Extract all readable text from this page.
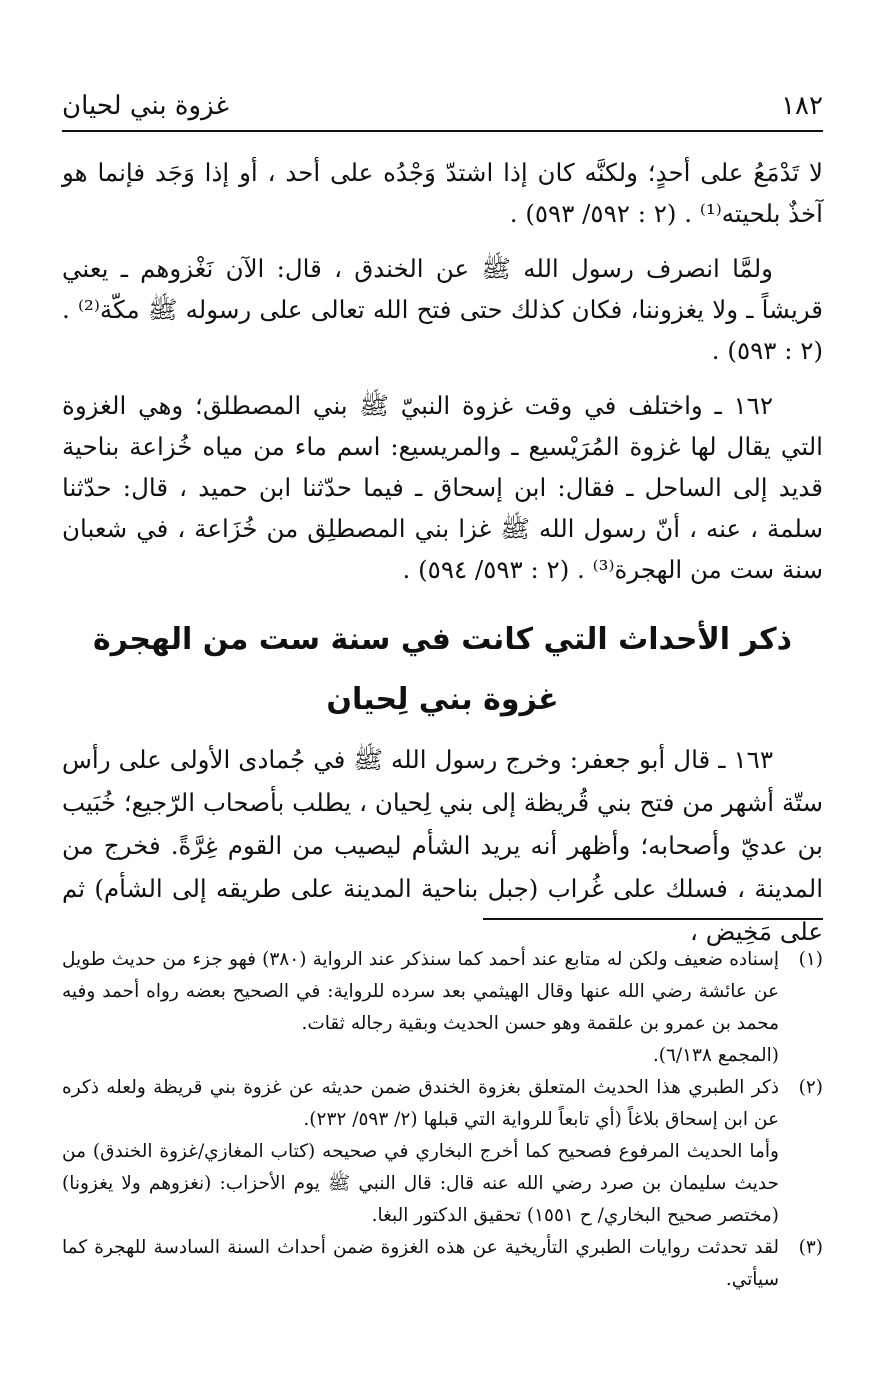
١٨٢
غزوة بني لحيان

لا تَدْمَعُ على أحدٍ؛ ولكنَّه كان إذا اشتدّ وَجْدُه على أحد ، أو إذا وَجَد فإنما هو آخذٌ بلحيته⁽¹⁾ . (٢ : ٥٩٢/ ٥٩٣) .

ولمَّا انصرف رسول الله ﷺ عن الخندق ، قال: الآن نَغْزوهم ـ يعني قريشاً ـ ولا يغزوننا، فكان كذلك حتى فتح الله تعالى على رسوله ﷺ مكّة⁽²⁾ . (٢ : ٥٩٣) .

١٦٢ ـ واختلف في وقت غزوة النبيّ ﷺ بني المصطلق؛ وهي الغزوة التي يقال لها غزوة المُرَيْسيع ـ والمريسيع: اسم ماء من مياه خُزاعة بناحية قديد إلى الساحل ـ فقال: ابن إسحاق ـ فيما حدّثنا ابن حميد ، قال: حدّثنا سلمة ، عنه ، أنّ رسول الله ﷺ غزا بني المصطلِق من خُزَاعة ، في شعبان سنة ست من الهجرة⁽³⁾ . (٢ : ٥٩٣/ ٥٩٤) .

ذكر الأحداث التي كانت في سنة ست من الهجرة
غزوة بني لِحيان

١٦٣ ـ قال أبو جعفر: وخرج رسول الله ﷺ في جُمادى الأولى على رأس ستّة أشهر من فتح بني قُريظة إلى بني لِحيان ، يطلب بأصحاب الرّجيع؛ خُبَيب بن عديّ وأصحابه؛ وأظهر أنه يريد الشأم ليصيب من القوم غِرَّةً. فخرج من المدينة ، فسلك على غُراب (جبل بناحية المدينة على طريقه إلى الشأم) ثم على مَخِيض ،

(١)

إسناده ضعيف ولكن له متابع عند أحمد كما سنذكر عند الرواية (٣٨٠) فهو جزء من حديث طويل عن عائشة رضي الله عنها وقال الهيثمي بعد سرده للرواية: في الصحيح بعضه رواه أحمد وفيه محمد بن عمرو بن علقمة وهو حسن الحديث وبقية رجاله ثقات.

(المجمع ٦/١٣٨).

(٢)

ذكر الطبري هذا الحديث المتعلق بغزوة الخندق ضمن حديثه عن غزوة بني قريظة ولعله ذكره عن ابن إسحاق بلاغاً (أي تابعاً للرواية التي قبلها (٢/ ٥٩٣/ ٢٣٢).

وأما الحديث المرفوع فصحيح كما أخرج البخاري في صحيحه (كتاب المغازي/غزوة الخندق) من حديث سليمان بن صرد رضي الله عنه قال: قال النبي ﷺ يوم الأحزاب: (نغزوهم ولا يغزونا) (مختصر صحيح البخاري/ ح ١٥٥١) تحقيق الدكتور البغا.

(٣)

لقد تحدثت روايات الطبري التأريخية عن هذه الغزوة ضمن أحداث السنة السادسة للهجرة كما سيأتي.
